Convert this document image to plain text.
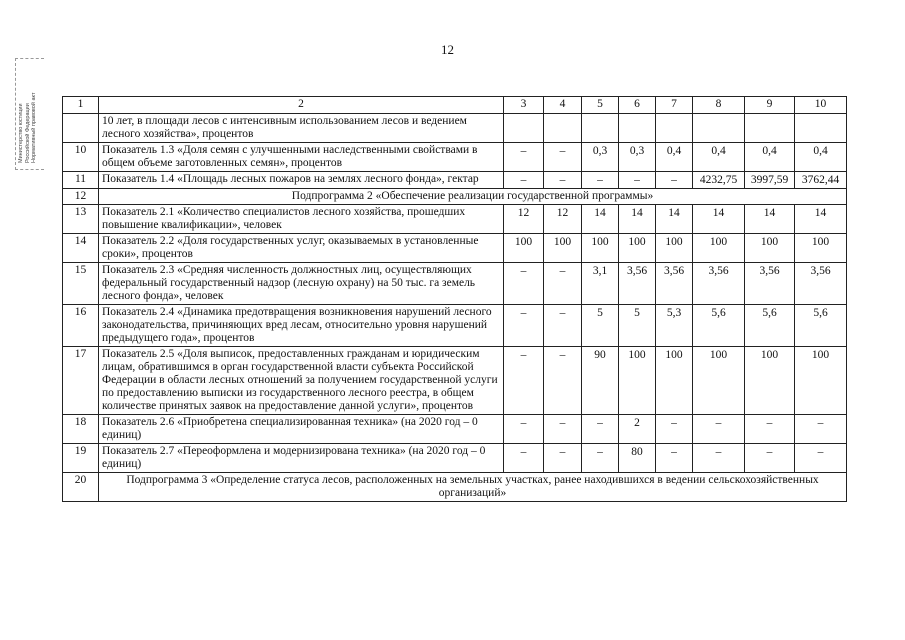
12
Министерство юстиции
Российской Федерации
Нормативный правовой акт
1	2	3	4	5	6	7	8	9	10
	10 лет, в площади лесов с интенсивным использованием лесов и ведением лесного хозяйства», процентов								
10	Показатель 1.3 «Доля семян с улучшенными наследственными свойствами в общем объеме заготовленных семян», процентов	–	–	0,3	0,3	0,4	0,4	0,4	0,4
11	Показатель 1.4 «Площадь лесных пожаров на землях лесного фонда», гектар	–	–	–	–	–	4232,75	3997,59	3762,44
12	Подпрограмма 2 «Обеспечение реализации государственной программы»								
13	Показатель 2.1 «Количество специалистов лесного хозяйства, прошедших повышение квалификации», человек	12	12	14	14	14	14	14	14
14	Показатель 2.2 «Доля государственных услуг, оказываемых в установленные сроки», процентов	100	100	100	100	100	100	100	100
15	Показатель 2.3 «Средняя численность должностных лиц, осуществляющих федеральный государственный надзор (лесную охрану) на 50 тыс. га земель лесного фонда», человек	–	–	3,1	3,56	3,56	3,56	3,56	3,56
16	Показатель 2.4 «Динамика предотвращения возникновения нарушений лесного законодательства, причиняющих вред лесам, относительно уровня нарушений предыдущего года», процентов	–	–	5	5	5,3	5,6	5,6	5,6
17	Показатель 2.5 «Доля выписок, предоставленных гражданам и юридическим лицам, обратившимся в орган государственной власти субъекта Российской Федерации в области лесных отношений за получением государственной услуги по предоставлению выписки из государственного лесного реестра, в общем количестве принятых заявок на предоставление данной услуги», процентов	–	–	90	100	100	100	100	100
18	Показатель 2.6 «Приобретена специализированная техника» (на 2020 год – 0 единиц)	–	–	–	2	–	–	–	–
19	Показатель 2.7 «Переоформлена и модернизирована техника» (на 2020 год – 0 единиц)	–	–	–	80	–	–	–	–
20	Подпрограмма 3 «Определение статуса лесов, расположенных на земельных участках, ранее находившихся в ведении сельскохозяйственных организаций»								
